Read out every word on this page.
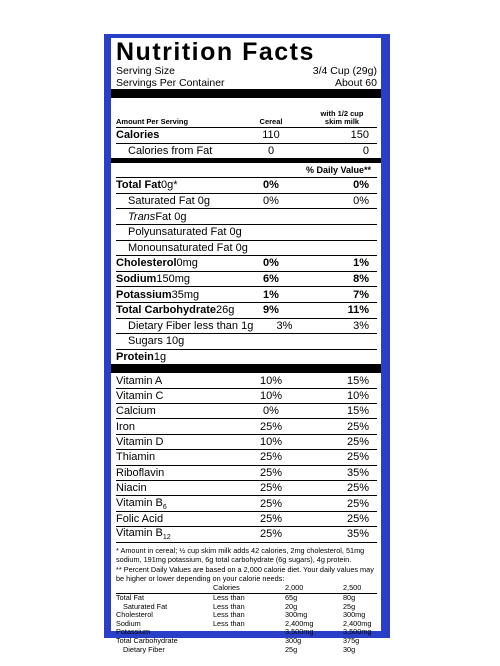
Nutrition Facts
Serving Size	3/4 Cup (29g)
Servings Per Container	About 60
Amount Per Serving	Cereal
with 1/2 cup
skim milk
Calories	110	150
Calories from Fat	0	0
% Daily Value**
Total Fat0g*	0%	0%
Saturated Fat 0g	0%	0%
TransFat 0g
Polyunsaturated Fat 0g
Monounsaturated Fat 0g
Cholesterol0mg	0%	1%
Sodium150mg	6%	8%
Potassium35mg	1%	7%
Total Carbohydrate26g	9%	11%
Dietary Fiber less than 1g	3%	3%
Sugars 10g
Protein1g
Vitamin A	10%	15%
Vitamin C	10%	10%
Calcium	0%	15%
Iron	25%	25%
Vitamin D	10%	25%
Thiamin	25%	25%
Riboflavin	25%	35%
Niacin	25%	25%
Vitamin $B_6$	25%	25%
Folic Acid	25%	25%
Vitamin $B_{12}$	25%	35%

* Amount in cereal; ½ cup skim milk adds 42 calories, 2mg cholesterol, 51mg sodium, 191mg potassium, 6g total carbohydrate (6g sugars), 4g protein.

** Percent Daily Values are based on a 2,000 calorie diet. Your daily values may be higher or lower depending on your calorie needs:

	Calories	2,000	2,500
Total Fat	Less than	65g	80g
Saturated Fat	Less than	20g	25g
Cholesterol	Less than	300mg	300mg
Sodium	Less than	2,400mg	2,400mg
Potassium		3,500mg	3,500mg
Total Carbohydrate		300g	375g
Dietary Fiber		25g	30g
